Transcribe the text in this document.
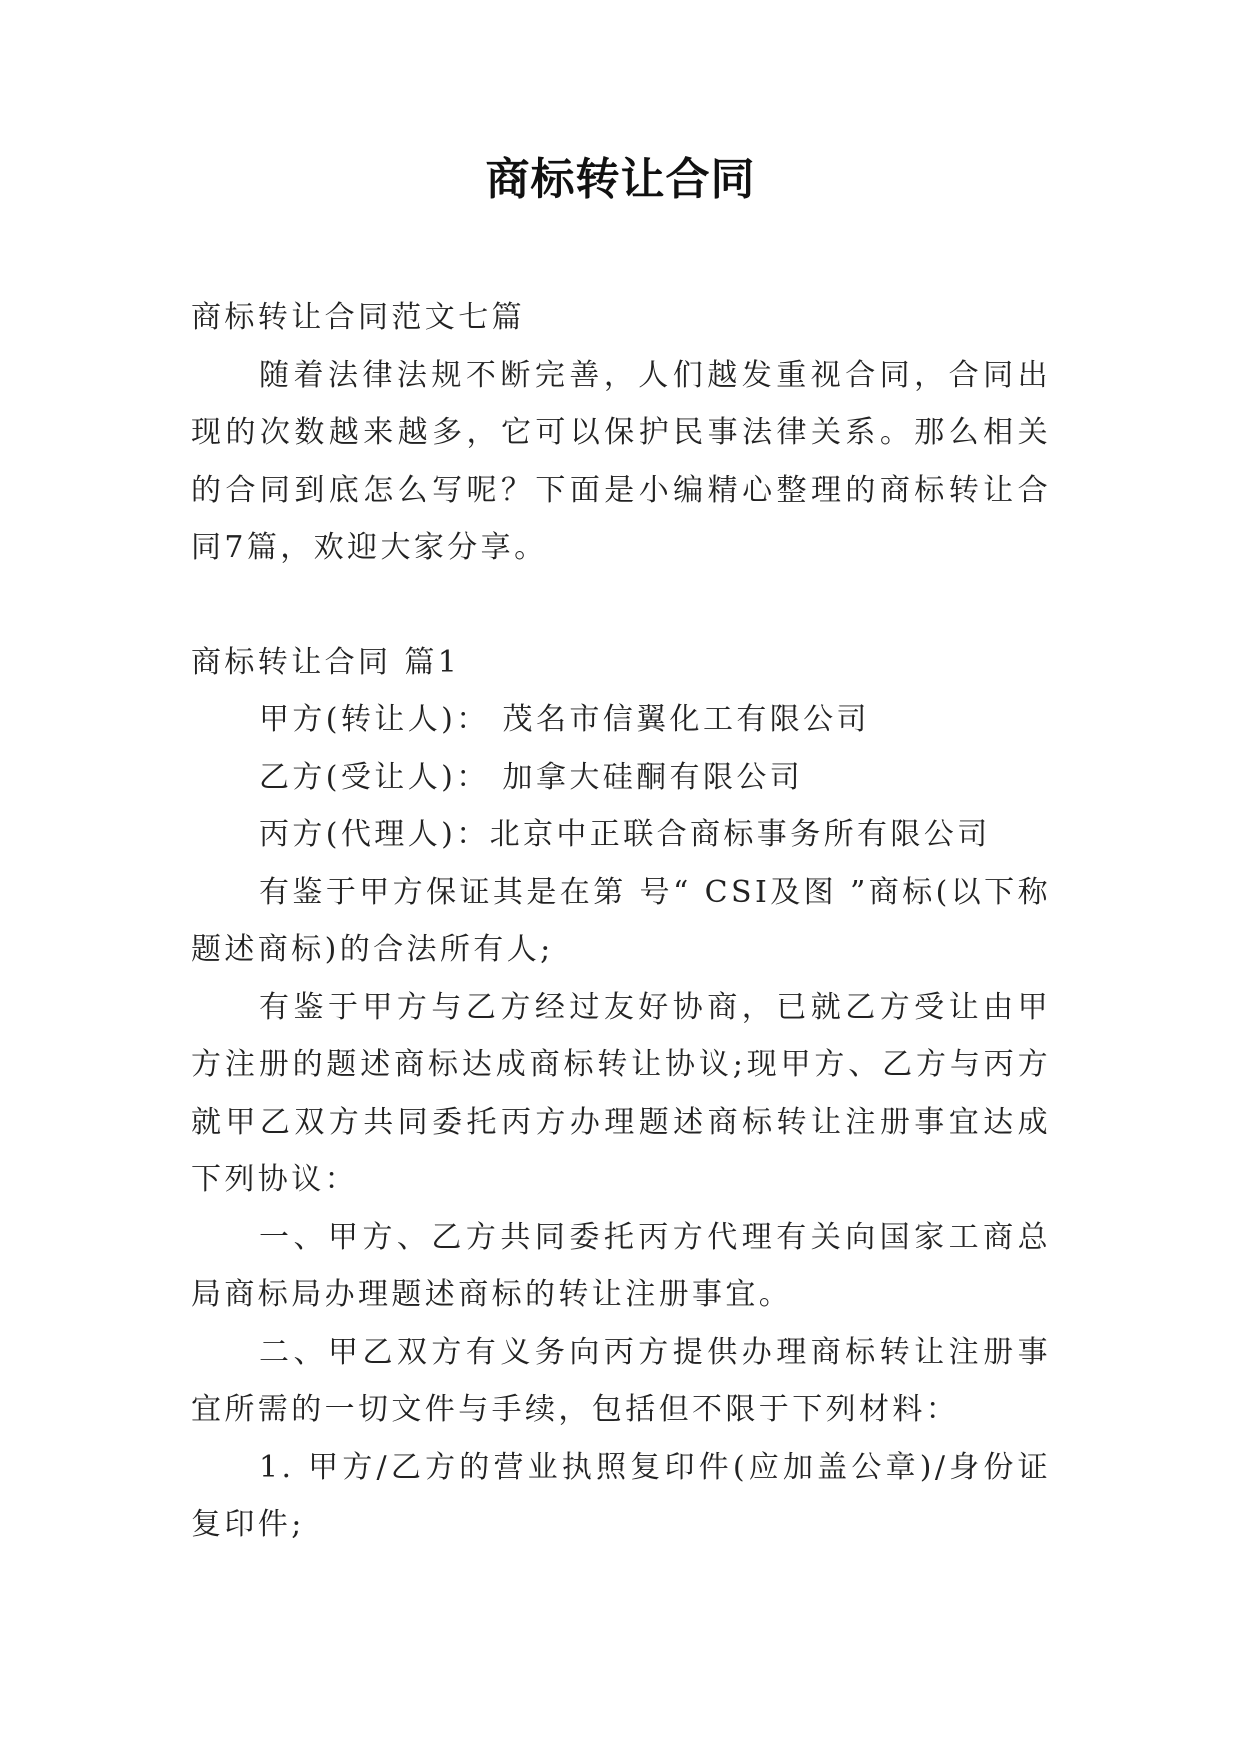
商标转让合同

商标转让合同范文七篇

随着法律法规不断完善，人们越发重视合同，合同出现的次数越来越多，它可以保护民事法律关系。那么相关的合同到底怎么写呢？下面是小编精心整理的商标转让合同7篇，欢迎大家分享。

商标转让合同 篇1

甲方(转让人)： 茂名市信翼化工有限公司

乙方(受让人)： 加拿大硅酮有限公司

丙方(代理人)：北京中正联合商标事务所有限公司

有鉴于甲方保证其是在第 号“ CSI及图 ”商标(以下称题述商标)的合法所有人;

有鉴于甲方与乙方经过友好协商，已就乙方受让由甲方注册的题述商标达成商标转让协议;现甲方、乙方与丙方就甲乙双方共同委托丙方办理题述商标转让注册事宜达成下列协议：

一、甲方、乙方共同委托丙方代理有关向国家工商总局商标局办理题述商标的转让注册事宜。

二、甲乙双方有义务向丙方提供办理商标转让注册事宜所需的一切文件与手续，包括但不限于下列材料：

1. 甲方/乙方的营业执照复印件(应加盖公章)/身份证复印件;
